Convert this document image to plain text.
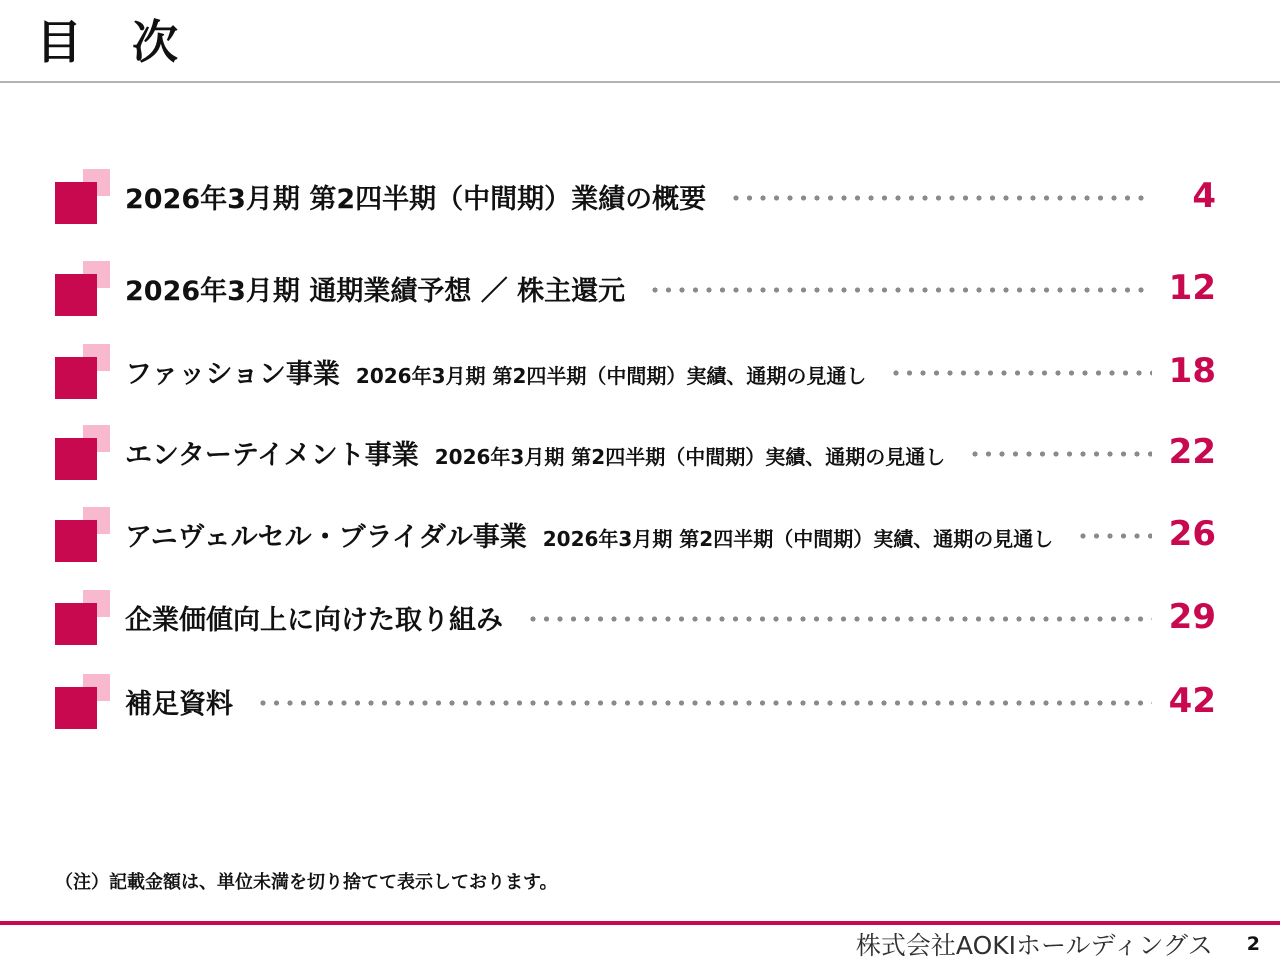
目　次
2026年3月期 第2四半期（中間期）業績の概要	4
2026年3月期 通期業績予想 ／ 株主還元	12
ファッション事業 2026年3月期 第2四半期（中間期）実績、通期の見通し	18
エンターテイメント事業 2026年3月期 第2四半期（中間期）実績、通期の見通し	22
アニヴェルセル・ブライダル事業 2026年3月期 第2四半期（中間期）実績、通期の見通し	26
企業価値向上に向けた取り組み	29
補足資料	42
（注）記載金額は、単位未満を切り捨てて表示しております。
株式会社AOKIホールディングス 2
